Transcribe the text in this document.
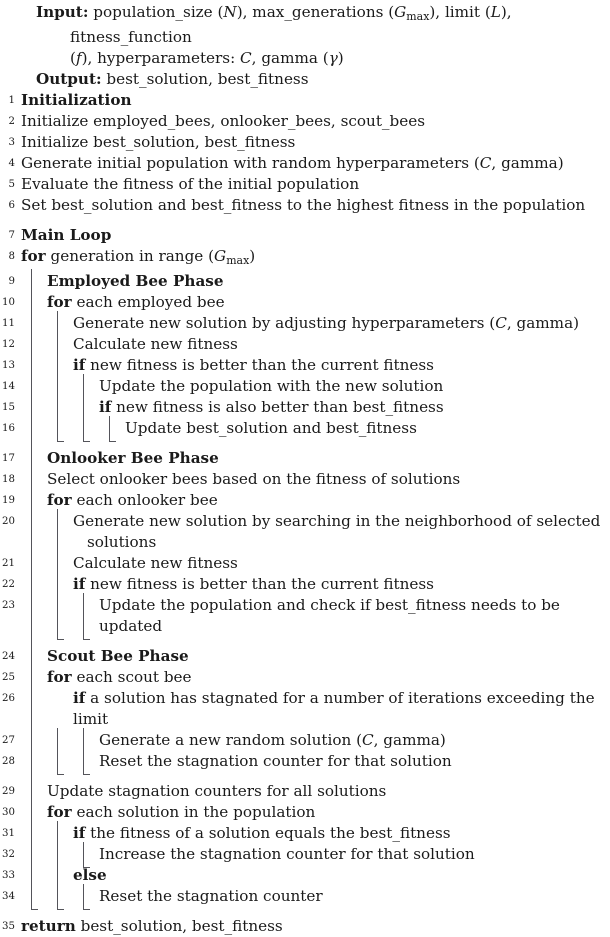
Input: population_size (N), max_generations $(G_{max})$, limit (L), fitness_function
(f), hyperparameters: C, gamma (γ)
Output: best_solution, best_fitness
1 Initialization
2 Initialize employed_bees, onlooker_bees, scout_bees
3 Initialize best_solution, best_fitness
4 Generate initial population with random hyperparameters (C, gamma)
5 Evaluate the fitness of the initial population
6 Set best_solution and best_fitness to the highest fitness in the population
7 Main Loop
8 for generation in range $(G_{max})$
9	Employed Bee Phase
10	for each employed bee
11	Generate new solution by adjusting hyperparameters (C, gamma)
12	Calculate new fitness
13	if new fitness is better than the current fitness
14	Update the population with the new solution
15	if new fitness is also better than best_fitness
16	Update best_solution and best_fitness
17	Onlooker Bee Phase
18	Select onlooker bees based on the fitness of solutions
19	for each onlooker bee
20	Generate new solution by searching in the neighborhood of selected
solutions
21	Calculate new fitness
22	if new fitness is better than the current fitness
23	Update the population and check if best_fitness needs to be updated
24	Scout Bee Phase
25	for each scout bee
26	if a solution has stagnated for a number of iterations exceeding the limit
27	Generate a new random solution (C, gamma)
28	Reset the stagnation counter for that solution
29	Update stagnation counters for all solutions
30	for each solution in the population
31	if the fitness of a solution equals the best_fitness
32	Increase the stagnation counter for that solution
33	else
34	Reset the stagnation counter
35 return best_solution, best_fitness
